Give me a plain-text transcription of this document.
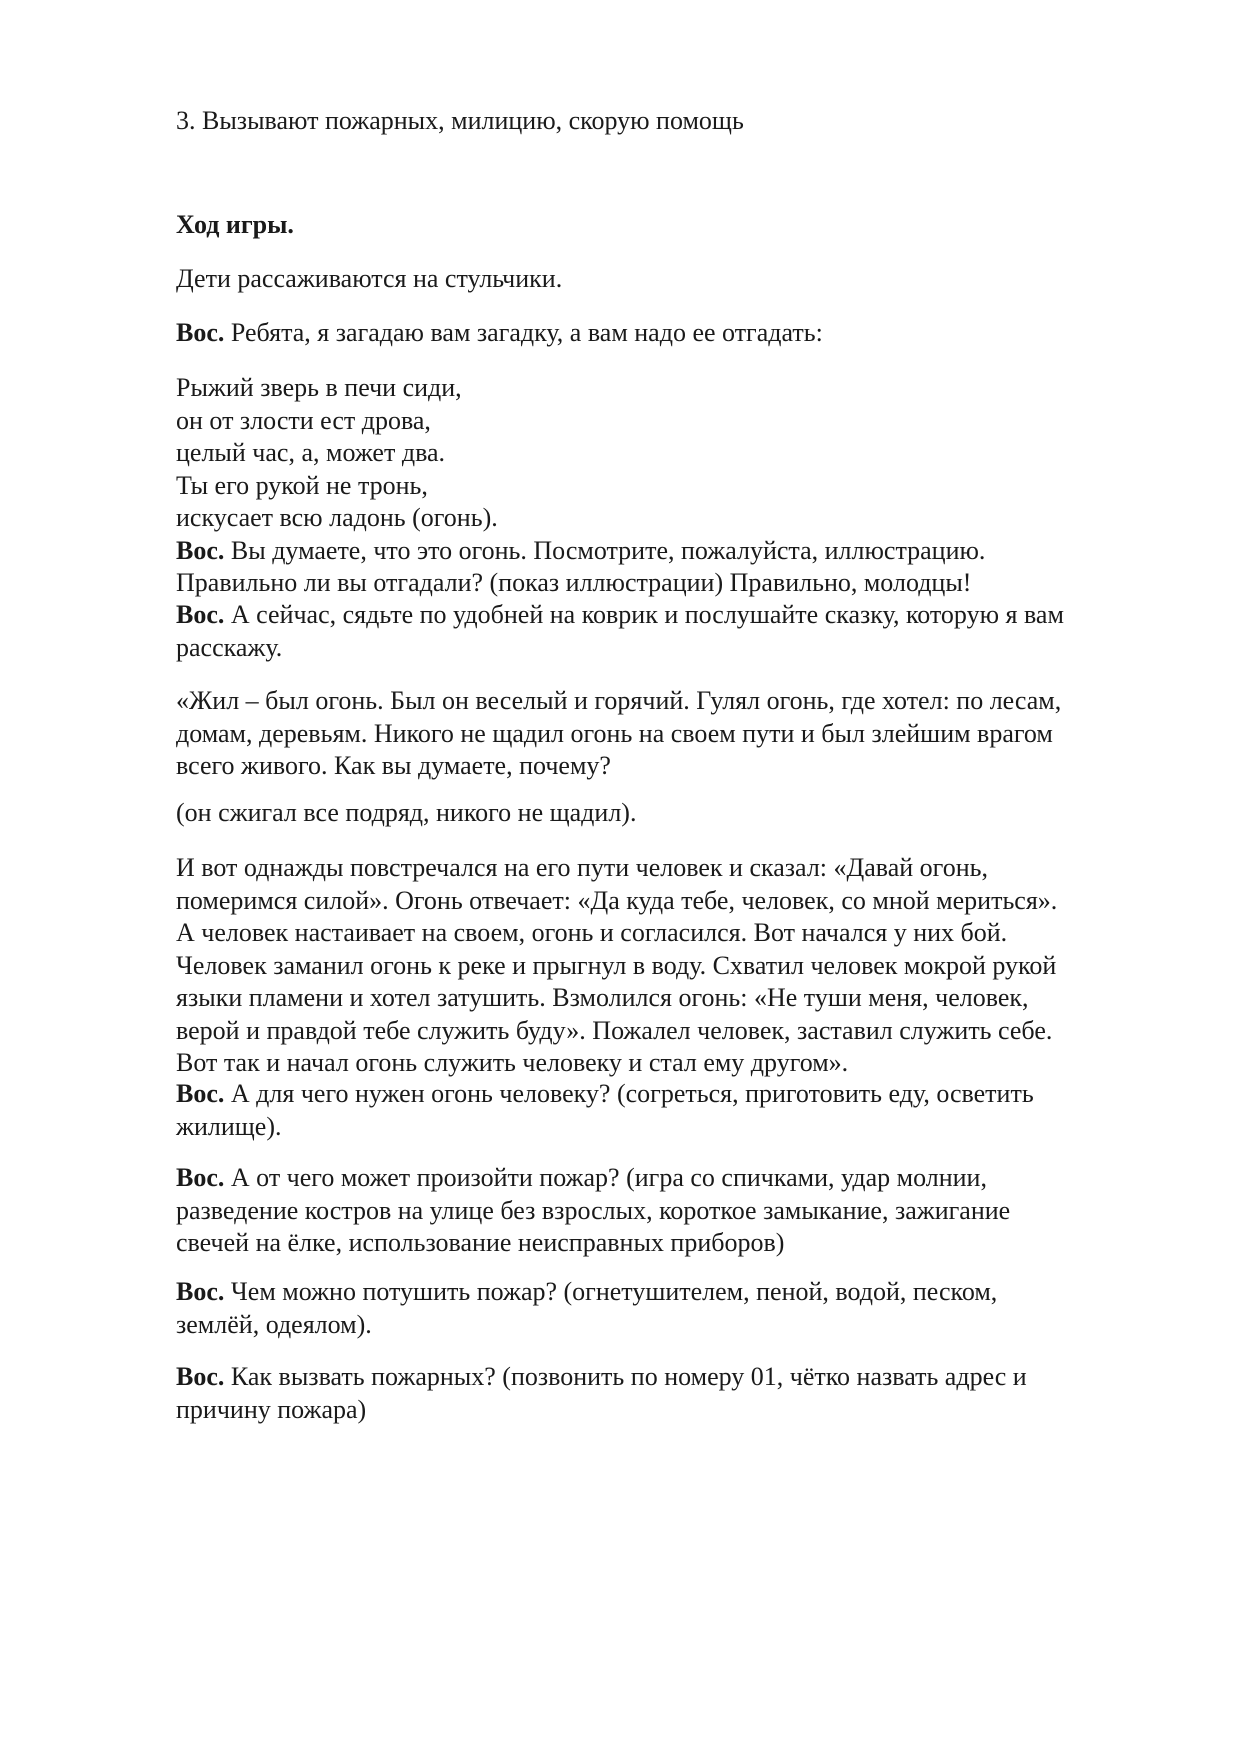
3. Вызывают пожарных, милицию, скорую помощь

Ход игры.

Дети рассаживаются на стульчики.

Вос. Ребята, я загадаю вам загадку, а вам надо ее отгадать:

Рыжий зверь в печи сиди,
он от злости ест дрова,
целый час, а, может два.
Ты его рукой не тронь,
искусает всю ладонь (огонь).
Вос. Вы думаете, что это огонь. Посмотрите, пожалуйста, иллюстрацию.
Правильно ли вы отгадали? (показ иллюстрации) Правильно, молодцы!

Вос. А сейчас, сядьте по удобней на коврик и послушайте сказку, которую я вам
расскажу.

«Жил – был огонь. Был он веселый и горячий. Гулял огонь, где хотел: по лесам,
домам, деревьям. Никого не щадил огонь на своем пути и был злейшим врагом
всего живого. Как вы думаете, почему?

(он сжигал все подряд, никого не щадил).

И вот однажды повстречался на его пути человек и сказал: «Давай огонь,
померимся силой». Огонь отвечает: «Да куда тебе, человек, со мной мериться».
А человек настаивает на своем, огонь и согласился. Вот начался у них бой.
Человек заманил огонь к реке и прыгнул в воду. Схватил человек мокрой рукой
языки пламени и хотел затушить. Взмолился огонь: «Не туши меня, человек,
верой и правдой тебе служить буду». Пожалел человек, заставил служить себе.
Вот так и начал огонь служить человеку и стал ему другом».

Вос. А для чего нужен огонь человеку? (согреться, приготовить еду, осветить
жилище).

Вос. А от чего может произойти пожар? (игра со спичками, удар молнии,
разведение костров на улице без взрослых, короткое замыкание, зажигание
свечей на ёлке, использование неисправных приборов)

Вос. Чем можно потушить пожар? (огнетушителем, пеной, водой, песком,
землёй, одеялом).

Вос. Как вызвать пожарных? (позвонить по номеру 01, чётко назвать адрес и
причину пожара)
